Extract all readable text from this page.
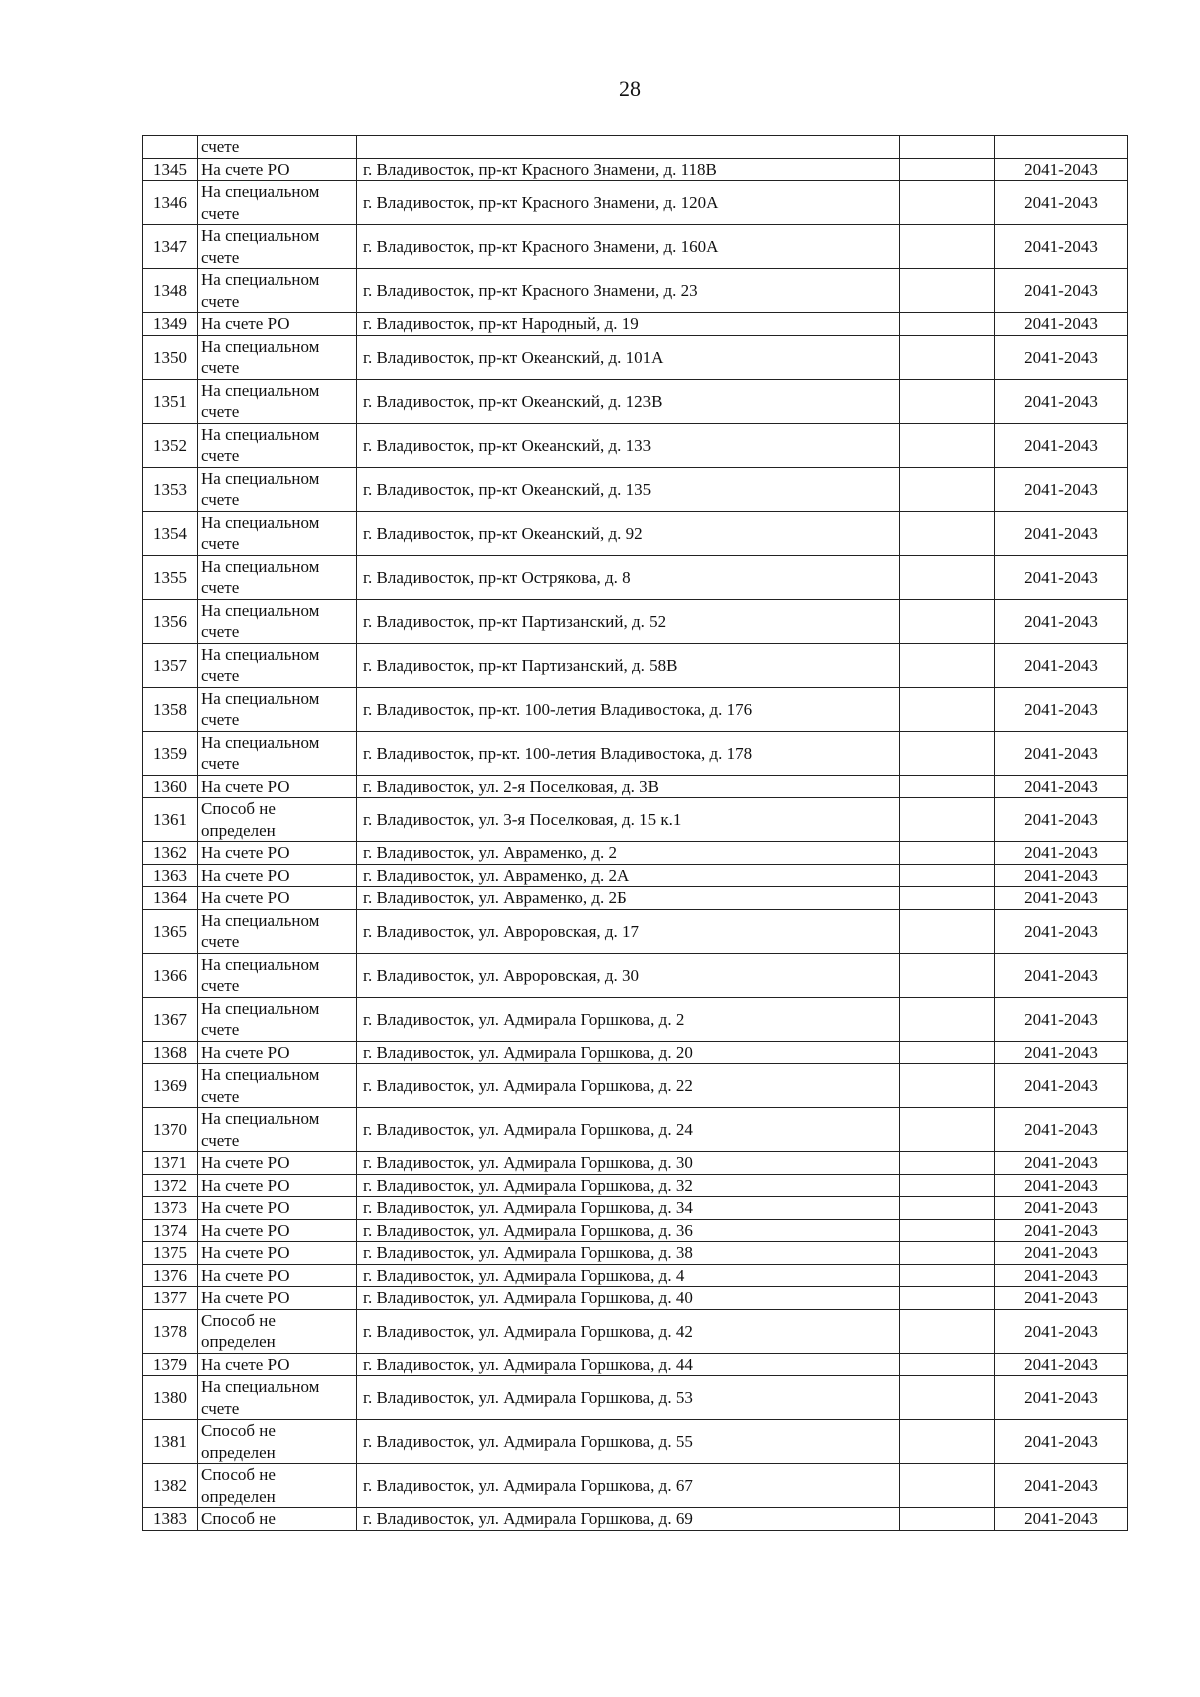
28
	счете			
1345	На счете РО	г. Владивосток, пр-кт Красного Знамени, д. 118В		2041-2043
1346	На специальном счете	г. Владивосток, пр-кт Красного Знамени, д. 120А		2041-2043
1347	На специальном счете	г. Владивосток, пр-кт Красного Знамени, д. 160А		2041-2043
1348	На специальном счете	г. Владивосток, пр-кт Красного Знамени, д. 23		2041-2043
1349	На счете РО	г. Владивосток, пр-кт Народный, д. 19		2041-2043
1350	На специальном счете	г. Владивосток, пр-кт Океанский, д. 101А		2041-2043
1351	На специальном счете	г. Владивосток, пр-кт Океанский, д. 123В		2041-2043
1352	На специальном счете	г. Владивосток, пр-кт Океанский, д. 133		2041-2043
1353	На специальном счете	г. Владивосток, пр-кт Океанский, д. 135		2041-2043
1354	На специальном счете	г. Владивосток, пр-кт Океанский, д. 92		2041-2043
1355	На специальном счете	г. Владивосток, пр-кт Острякова, д. 8		2041-2043
1356	На специальном счете	г. Владивосток, пр-кт Партизанский, д. 52		2041-2043
1357	На специальном счете	г. Владивосток, пр-кт Партизанский, д. 58В		2041-2043
1358	На специальном счете	г. Владивосток, пр-кт. 100-летия Владивостока, д. 176		2041-2043
1359	На специальном счете	г. Владивосток, пр-кт. 100-летия Владивостока, д. 178		2041-2043
1360	На счете РО	г. Владивосток, ул. 2-я Поселковая, д. 3В		2041-2043
1361	Способ не определен	г. Владивосток, ул. 3-я Поселковая, д. 15 к.1		2041-2043
1362	На счете РО	г. Владивосток, ул. Авраменко, д. 2		2041-2043
1363	На счете РО	г. Владивосток, ул. Авраменко, д. 2А		2041-2043
1364	На счете РО	г. Владивосток, ул. Авраменко, д. 2Б		2041-2043
1365	На специальном счете	г. Владивосток, ул. Авроровская, д. 17		2041-2043
1366	На специальном счете	г. Владивосток, ул. Авроровская, д. 30		2041-2043
1367	На специальном счете	г. Владивосток, ул. Адмирала Горшкова, д. 2		2041-2043
1368	На счете РО	г. Владивосток, ул. Адмирала Горшкова, д. 20		2041-2043
1369	На специальном счете	г. Владивосток, ул. Адмирала Горшкова, д. 22		2041-2043
1370	На специальном счете	г. Владивосток, ул. Адмирала Горшкова, д. 24		2041-2043
1371	На счете РО	г. Владивосток, ул. Адмирала Горшкова, д. 30		2041-2043
1372	На счете РО	г. Владивосток, ул. Адмирала Горшкова, д. 32		2041-2043
1373	На счете РО	г. Владивосток, ул. Адмирала Горшкова, д. 34		2041-2043
1374	На счете РО	г. Владивосток, ул. Адмирала Горшкова, д. 36		2041-2043
1375	На счете РО	г. Владивосток, ул. Адмирала Горшкова, д. 38		2041-2043
1376	На счете РО	г. Владивосток, ул. Адмирала Горшкова, д. 4		2041-2043
1377	На счете РО	г. Владивосток, ул. Адмирала Горшкова, д. 40		2041-2043
1378	Способ не определен	г. Владивосток, ул. Адмирала Горшкова, д. 42		2041-2043
1379	На счете РО	г. Владивосток, ул. Адмирала Горшкова, д. 44		2041-2043
1380	На специальном счете	г. Владивосток, ул. Адмирала Горшкова, д. 53		2041-2043
1381	Способ не определен	г. Владивосток, ул. Адмирала Горшкова, д. 55		2041-2043
1382	Способ не определен	г. Владивосток, ул. Адмирала Горшкова, д. 67		2041-2043
1383	Способ не	г. Владивосток, ул. Адмирала Горшкова, д. 69		2041-2043
